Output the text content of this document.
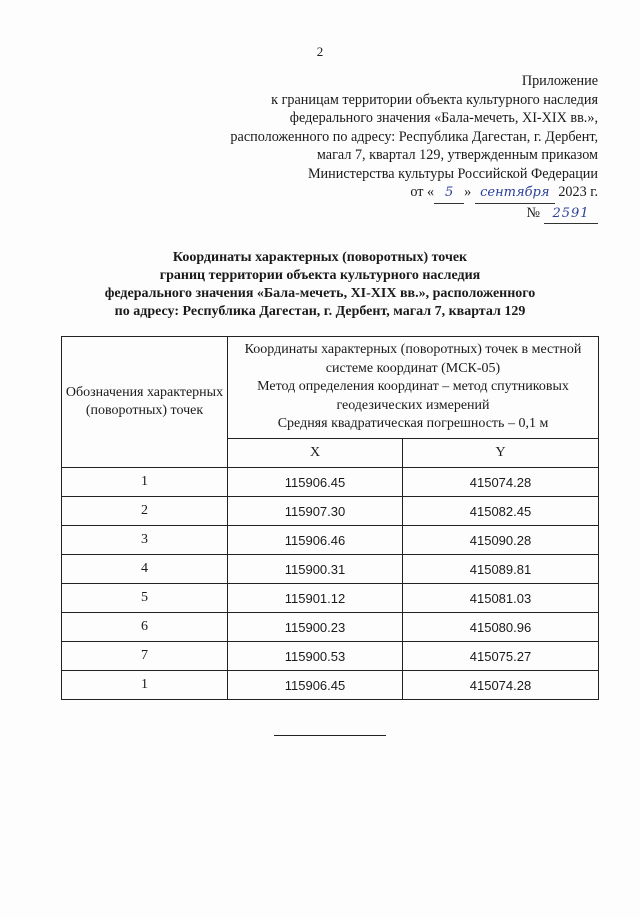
2
Приложение
к границам территории объекта культурного наследия
федерального значения «Бала-мечеть, XI-XIX вв.»,
расположенного по адресу: Республика Дагестан, г. Дербент,
магал 7, квартал 129, утвержденным приказом
Министерства культуры Российской Федерации
от « 5 » сентября 2023 г.
№ 2591
Координаты характерных (поворотных) точек
границ территории объекта культурного наследия
федерального значения «Бала-мечеть, XI-XIX вв.», расположенного
по адресу: Республика Дагестан, г. Дербент, магал 7, квартал 129
Обозначения характерных (поворотных) точек	Координаты характерных (поворотных) точек в местной
системе координат (МСК-05)
Метод определения координат – метод спутниковых
геодезических измерений
Средняя квадратическая погрешность – 0,1 м	

	X	Y
1	115906.45	415074.28
2	115907.30	415082.45
3	115906.46	415090.28
4	115900.31	415089.81
5	115901.12	415081.03
6	115900.23	415080.96
7	115900.53	415075.27
1	115906.45	415074.28
